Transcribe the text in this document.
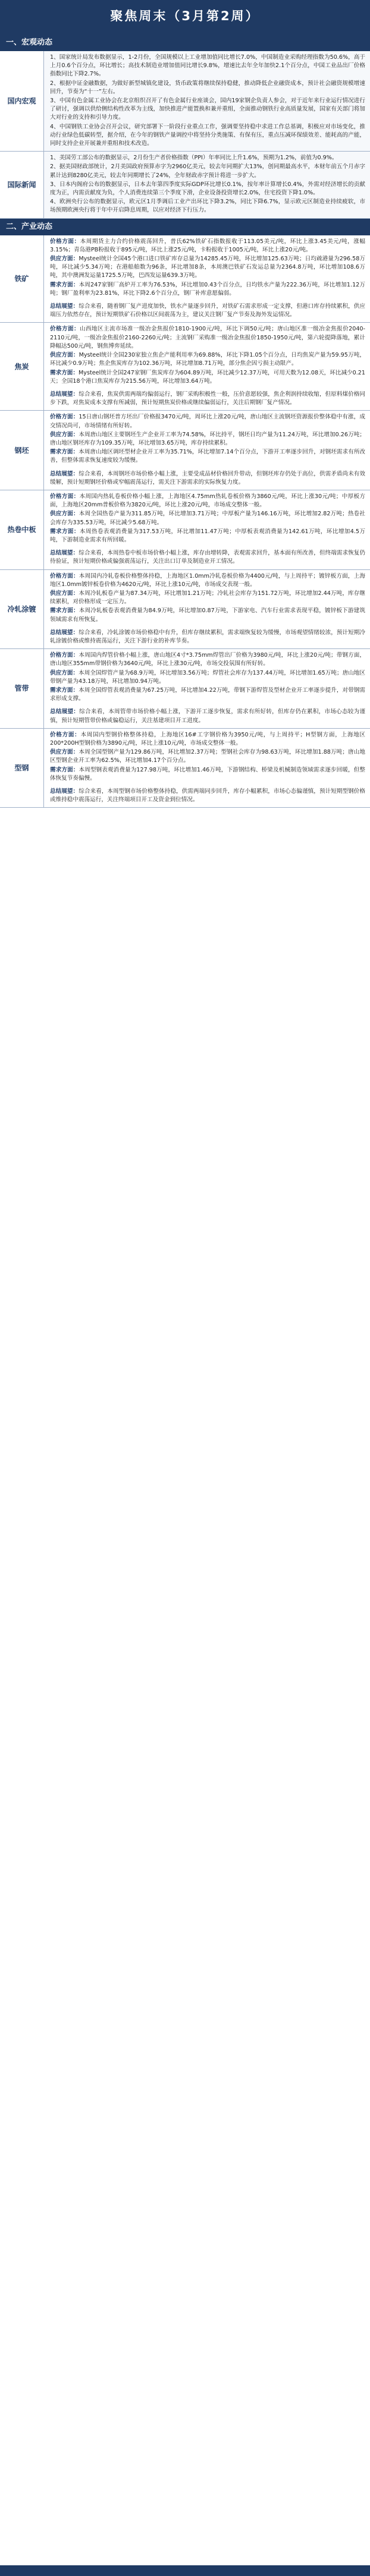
聚焦周末（3月第2周）
一、宏观动态
国内宏观

1、国家统计局发布数据显示，1-2月份，全国规模以上工业增加值同比增长7.0%，中国制造业采购经理指数为50.6%，高于上月0.6个百分点，环比增长；高技术制造业增加值同比增长9.8%，增速比去年全年加快2.1个百分点，中国工业品出厂价格指数同比下降2.7%。

2、根据中证金融数据，为做好新型城镇化建设，货币政策将继续保持稳健，推动降低企业融资成本，预计社会融资规模增速回升，节奏为“十一”左右。

3、中国有色金属工业协会在北京组织召开了有色金属行业座谈会，国内19家钢企负责人参会，对于近年来行业运行情况进行了研讨，强调以供给侧结构性改革为主线，加快推进产能置换和兼并重组，全面推动钢铁行业高质量发展，国家有关部门将加大对行业的支持和引导力度。

4、中国钢铁工业协会召开会议，研究部署下一阶段行业重点工作，强调要坚持稳中求进工作总基调，积极应对市场变化，推动行业绿色低碳转型，据介绍，在今年的钢铁产量调控中将坚持分类施策、有保有压，重点压减环保绩效差、能耗高的产能，同时支持企业开展兼并重组和技术改造。

国际新闻

1、美国劳工部公布的数据显示，2月份生产者价格指数（PPI）年率同比上升1.6%，预期为1.2%，前值为0.9%。

2、据美国财政部统计，2月美国政府预算赤字为2960亿美元，较去年同期扩大13%，创同期最高水平，本财年前五个月赤字累计达到8280亿美元，较去年同期增长了24%，全年财政赤字预计将进一步扩大。

3、日本内阁府公布的数据显示，日本去年第四季度实际GDP环比增长0.1%，按年率计算增长0.4%，外需对经济增长的贡献度为正，内需贡献度为负，个人消费连续第三个季度下滑，企业设备投资增长2.0%，住宅投资下降1.0%。

4、欧洲央行公布的数据显示，欧元区1月季调后工业产出环比下降3.2%，同比下降6.7%，显示欧元区制造业持续疲软，市场预期欧洲央行将于年中开启降息周期，以应对经济下行压力。

二、产业动态
铁矿

价格方面：本周期货主力合约价格震荡回升，普氏62%铁矿石指数报收于113.05美元/吨，环比上涨3.45美元/吨，涨幅3.15%；青岛港PB粉报收于895元/吨，环比上涨25元/吨，卡粉报收于1005元/吨，环比上涨20元/吨。

供应方面：Mysteel统计全国45个港口进口铁矿库存总量为14285.45万吨，环比增加125.63万吨；日均疏港量为296.58万吨，环比减少5.34万吨；在港船舶数为96条，环比增加8条，本周澳巴铁矿石发运总量为2364.8万吨，环比增加108.6万吨，其中澳洲发运量1725.5万吨，巴西发运量639.3万吨。

需求方面：本周247家钢厂高炉开工率为76.53%，环比增加0.43个百分点，日均铁水产量为222.36万吨，环比增加1.12万吨；钢厂盈利率为23.81%，环比下降2.6个百分点，钢厂补库意愿偏弱。

总结展望：综合来看，随着钢厂复产进度加快，铁水产量逐步回升，对铁矿石需求形成一定支撑，但港口库存持续累积，供应端压力依然存在，预计短期铁矿石价格以区间震荡为主，建议关注钢厂复产节奏及海外发运情况。

焦炭

价格方面：山西地区主流市场准一级冶金焦报价1810-1900元/吨，环比下调50元/吨；唐山地区准一级冶金焦报价2040-2110元/吨，一级冶金焦报价2160-2260元/吨；主流钢厂采购准一级冶金焦报价1850-1950元/吨，第六轮提降落地，累计降幅达500元/吨，钢焦博弈延续。

供应方面：Mysteel统计全国230家独立焦企产能利用率为69.88%，环比下降1.05个百分点，日均焦炭产量为59.95万吨，环比减少0.9万吨；焦企焦炭库存为102.36万吨，环比增加8.71万吨，部分焦企因亏损主动限产。

需求方面：Mysteel统计全国247家钢厂焦炭库存为604.89万吨，环比减少12.37万吨，可用天数为12.08天，环比减少0.21天；全国18个港口焦炭库存为215.56万吨，环比增加3.64万吨。

总结展望：综合来看，焦炭供需两端均偏弱运行，钢厂采购积极性一般，压价意愿较强，焦企利润持续收缩，但原料煤价格同步下跌，对焦炭成本支撑有所减弱，预计短期焦炭价格或继续偏弱运行，关注后期钢厂复产情况。

钢坯

价格方面：15日唐山钢坯普方坯出厂价格报3470元/吨，周环比上涨20元/吨，唐山地区主流钢坯资源报价整体稳中有涨，成交情况尚可，市场情绪有所好转。

供应方面：本周唐山地区主要钢坯生产企业开工率为74.58%，环比持平，钢坯日均产量为11.24万吨，环比增加0.26万吨；唐山地区钢坯库存为109.35万吨，环比增加3.65万吨，库存持续累积。

需求方面：本周唐山地区调坯型材企业开工率为35.71%，环比增加7.14个百分点，下游开工率逐步回升，对钢坯需求有所改善，但整体需求恢复速度较为缓慢。

总结展望：综合来看，本周钢坯市场价格小幅上涨，主要受成品材价格回升带动，但钢坯库存仍处于高位，供需矛盾尚未有效缓解，预计短期钢坯价格或窄幅震荡运行，需关注下游需求的实际恢复力度。

热卷中板

价格方面：本周国内热轧卷板价格小幅上涨，上海地区4.75mm热轧卷板价格为3860元/吨，环比上涨30元/吨；中厚板方面，上海地区20mm普板价格为3820元/吨，环比上涨20元/吨，市场成交整体一般。

供应方面：本周全国热卷产量为311.85万吨，环比增加3.71万吨；中厚板产量为146.16万吨，环比增加2.82万吨；热卷社会库存为335.53万吨，环比减少5.68万吨。

需求方面：本周热卷表观消费量为317.53万吨，环比增加11.47万吨；中厚板表观消费量为142.61万吨，环比增加4.5万吨，下游制造业需求有所回暖。

总结展望：综合来看，本周热卷中板市场价格小幅上涨，库存由增转降，表观需求回升，基本面有所改善，但终端需求恢复仍待验证，预计短期价格或偏强震荡运行，关注出口订单及制造业开工情况。

冷轧涂镀

价格方面：本周国内冷轧卷板价格整体持稳，上海地区1.0mm冷轧卷板价格为4400元/吨，与上周持平；镀锌板方面，上海地区1.0mm镀锌板卷价格为4620元/吨，环比上涨10元/吨，市场成交表现一般。

供应方面：本周冷轧板卷产量为87.34万吨，环比增加1.21万吨；冷轧社会库存为151.72万吨，环比增加2.44万吨，库存继续累积，对价格形成一定压力。

需求方面：本周冷轧板卷表观消费量为84.9万吨，环比增加0.87万吨，下游家电、汽车行业需求表现平稳，镀锌板下游建筑领域需求有所恢复。

总结展望：综合来看，冷轧涂镀市场价格稳中有升，但库存继续累积，需求端恢复较为缓慢，市场观望情绪较浓，预计短期冷轧涂镀价格或维持震荡运行，关注下游行业的补库节奏。

管带

价格方面：本周国内焊管价格小幅上涨，唐山地区4寸*3.75mm焊管出厂价格为3980元/吨，环比上涨20元/吨；带钢方面，唐山地区355mm带钢价格为3640元/吨，环比上涨30元/吨，市场交投氛围有所好转。

供应方面：本周全国焊管产量为68.9万吨，环比增加3.56万吨；焊管社会库存为137.44万吨，环比增加1.65万吨；唐山地区带钢产量为43.18万吨，环比增加0.94万吨。

需求方面：本周全国焊管表观消费量为67.25万吨，环比增加4.22万吨，带钢下游焊管及型材企业开工率逐步提升，对带钢需求形成支撑。

总结展望：综合来看，本周管带市场价格小幅上涨，下游开工逐步恢复，需求有所好转，但库存仍在累积，市场心态较为谨慎，预计短期管带价格或偏稳运行，关注基建项目开工进度。

型钢

价格方面：本周国内型钢价格整体持稳，上海地区16#工字钢价格为3950元/吨，与上周持平；H型钢方面，上海地区200*200H型钢价格为3890元/吨，环比上涨10元/吨，市场成交整体一般。

供应方面：本周全国型钢产量为129.86万吨，环比增加2.37万吨；型钢社会库存为98.63万吨，环比增加1.88万吨；唐山地区型钢企业开工率为62.5%，环比增加4.17个百分点。

需求方面：本周型钢表观消费量为127.98万吨，环比增加1.46万吨，下游钢结构、桥梁及机械制造领域需求逐步回暖，但整体恢复节奏偏慢。

总结展望：综合来看，本周型钢市场价格整体持稳，供需两端同步回升，库存小幅累积，市场心态偏谨慎，预计短期型钢价格或维持稳中震荡运行，关注终端项目开工及资金到位情况。
